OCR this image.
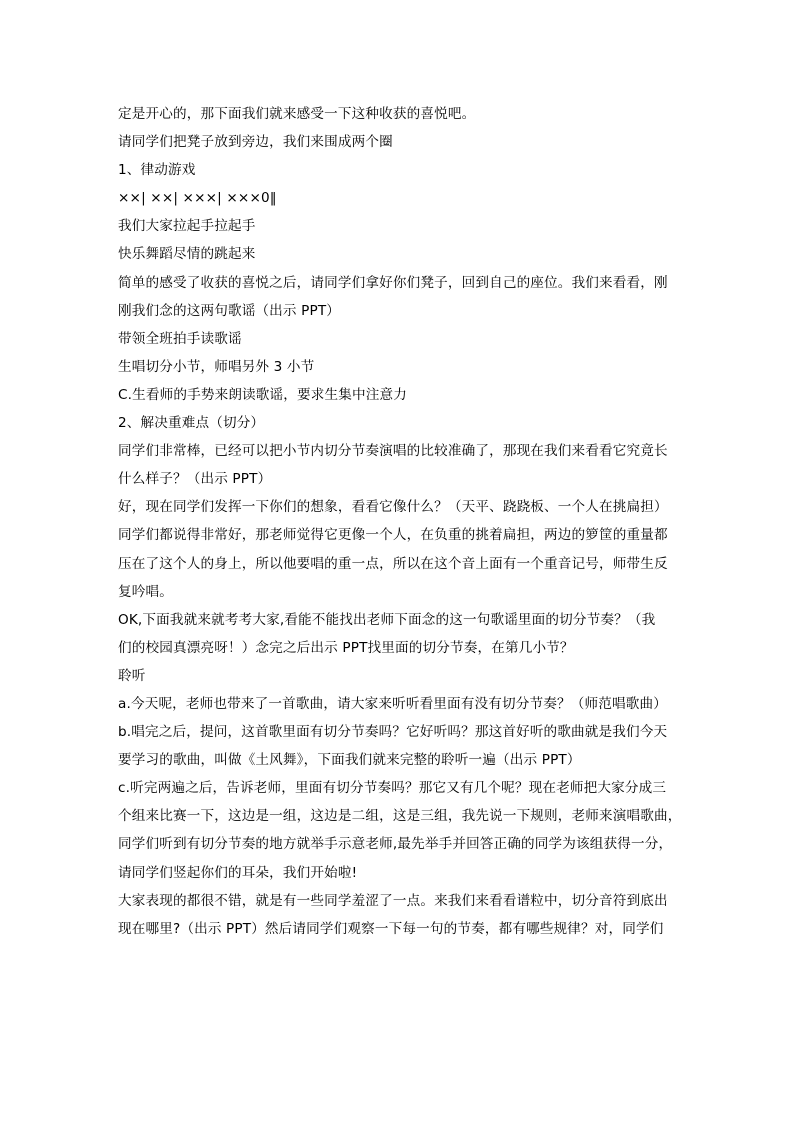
定是开心的，那下面我们就来感受一下这种收获的喜悦吧。
请同学们把凳子放到旁边，我们来围成两个圈
1、律动游戏
××| ××| ×××| ×××0‖
我们大家拉起手拉起手
快乐舞蹈尽情的跳起来
简单的感受了收获的喜悦之后，请同学们拿好你们凳子，回到自己的座位。我们来看看，刚
刚我们念的这两句歌谣（出示 PPT）
带领全班拍手读歌谣
生唱切分小节，师唱另外 3 小节
C.生看师的手势来朗读歌谣，要求生集中注意力
2、解决重难点（切分）
同学们非常棒，已经可以把小节内切分节奏演唱的比较准确了，那现在我们来看看它究竟长
什么样子？（出示 PPT）
好，现在同学们发挥一下你们的想象，看看它像什么？（天平、跷跷板、一个人在挑扁担）
同学们都说得非常好，那老师觉得它更像一个人，在负重的挑着扁担，两边的箩筐的重量都
压在了这个人的身上，所以他要唱的重一点，所以在这个音上面有一个重音记号，师带生反
复吟唱。
OK,下面我就来就考考大家,看能不能找出老师下面念的这一句歌谣里面的切分节奏？（我
们的校园真漂亮呀！）念完之后出示 PPT找里面的切分节奏，在第几小节？
聆听
a.今天呢，老师也带来了一首歌曲，请大家来听听看里面有没有切分节奏？（师范唱歌曲）
b.唱完之后，提问，这首歌里面有切分节奏吗？它好听吗？那这首好听的歌曲就是我们今天
要学习的歌曲，叫做《土风舞》，下面我们就来完整的聆听一遍（出示 PPT）
c.听完两遍之后，告诉老师，里面有切分节奏吗？那它又有几个呢？现在老师把大家分成三
个组来比赛一下，这边是一组，这边是二组，这是三组，我先说一下规则，老师来演唱歌曲，
同学们听到有切分节奏的地方就举手示意老师,最先举手并回答正确的同学为该组获得一分，
请同学们竖起你们的耳朵，我们开始啦!
大家表现的都很不错，就是有一些同学羞涩了一点。来我们来看看谱粒中，切分音符到底出
现在哪里?（出示 PPT）然后请同学们观察一下每一句的节奏，都有哪些规律？对，同学们
